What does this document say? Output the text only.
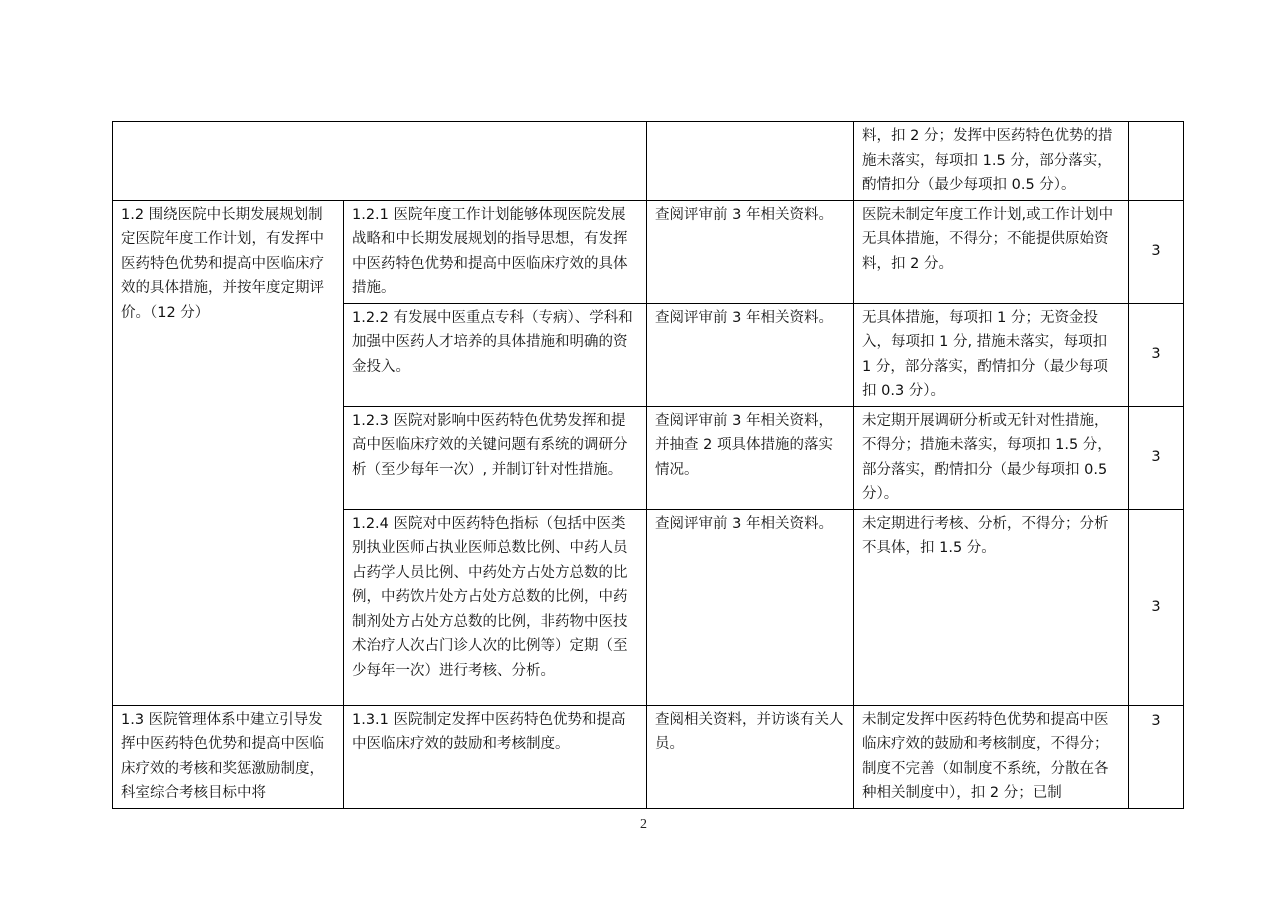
			料，扣 2 分；发挥中医药特色优势的措施未落实，每项扣 1.5 分，部分落实，酌情扣分（最少每项扣 0.5 分）。	
1.2 围绕医院中长期发展规划制定医院年度工作计划，有发挥中医药特色优势和提高中医临床疗效的具体措施，并按年度定期评价。（12 分）	1.2.1 医院年度工作计划能够体现医院发展战略和中长期发展规划的指导思想，有发挥中医药特色优势和提高中医临床疗效的具体措施。	查阅评审前 3 年相关资料。	医院未制定年度工作计划,或工作计划中无具体措施，不得分；不能提供原始资料，扣 2 分。	3
	1.2.2 有发展中医重点专科（专病）、学科和加强中医药人才培养的具体措施和明确的资金投入。	查阅评审前 3 年相关资料。	无具体措施，每项扣 1 分；无资金投入，每项扣 1 分, 措施未落实，每项扣 1 分，部分落实，酌情扣分（最少每项扣 0.3 分）。	3
	1.2.3 医院对影响中医药特色优势发挥和提高中医临床疗效的关键问题有系统的调研分析（至少每年一次）, 并制订针对性措施。	查阅评审前 3 年相关资料，并抽查 2 项具体措施的落实情况。	未定期开展调研分析或无针对性措施，不得分；措施未落实，每项扣 1.5 分，部分落实，酌情扣分（最少每项扣 0.5 分）。	3
	1.2.4 医院对中医药特色指标（包括中医类别执业医师占执业医师总数比例、中药人员占药学人员比例、中药处方占处方总数的比例，中药饮片处方占处方总数的比例，中药制剂处方占处方总数的比例，非药物中医技术治疗人次占门诊人次的比例等）定期（至少每年一次）进行考核、分析。	查阅评审前 3 年相关资料。	未定期进行考核、分析，不得分；分析不具体，扣 1.5 分。	3
1.3 医院管理体系中建立引导发挥中医药特色优势和提高中医临床疗效的考核和奖惩激励制度，科室综合考核目标中将	1.3.1 医院制定发挥中医药特色优势和提高中医临床疗效的鼓励和考核制度。	查阅相关资料，并访谈有关人员。	未制定发挥中医药特色优势和提高中医临床疗效的鼓励和考核制度，不得分；制度不完善（如制度不系统，分散在各种相关制度中），扣 2 分；已制	3
2
